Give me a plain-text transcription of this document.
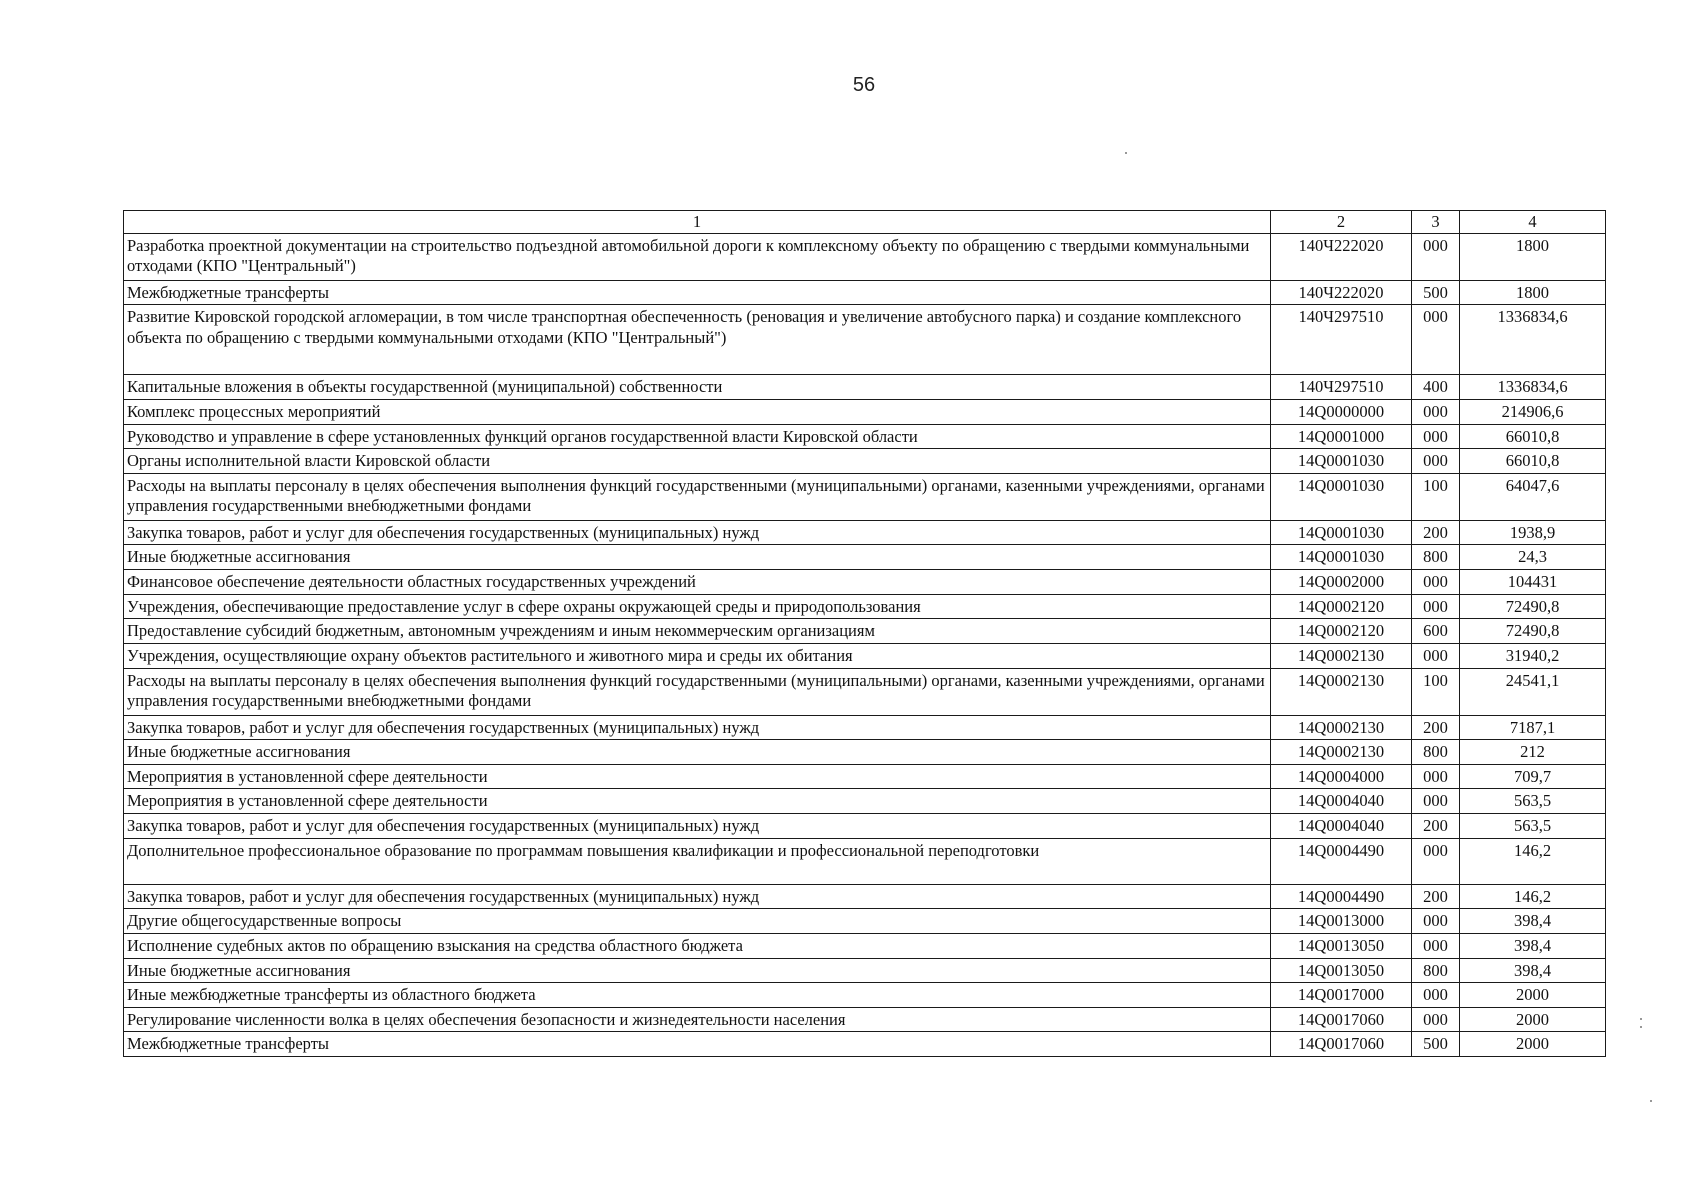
56
1	2	3	4
Разработка проектной документации на строительство подъездной автомобильной дороги к комплексному объекту по обращению с твердыми коммунальными отходами (КПО "Центральный")	140Ч222020	000	1800
Межбюджетные трансферты	140Ч222020	500	1800
Развитие Кировской городской агломерации, в том числе транспортная обеспеченность (реновация и увеличение автобусного парка) и создание комплексного объекта по обращению с твердыми коммунальными отходами (КПО "Центральный")	140Ч297510	000	1336834,6
Капитальные вложения в объекты государственной (муниципальной) собственности	140Ч297510	400	1336834,6
Комплекс процессных мероприятий	14Q0000000	000	214906,6
Руководство и управление в сфере установленных функций органов государственной власти Кировской области	14Q0001000	000	66010,8
Органы исполнительной власти Кировской области	14Q0001030	000	66010,8
Расходы на выплаты персоналу в целях обеспечения выполнения функций государственными (муниципальными) органами, казенными учреждениями, органами управления государственными внебюджетными фондами	14Q0001030	100	64047,6
Закупка товаров, работ и услуг для обеспечения государственных (муниципальных) нужд	14Q0001030	200	1938,9
Иные бюджетные ассигнования	14Q0001030	800	24,3
Финансовое обеспечение деятельности областных государственных учреждений	14Q0002000	000	104431
Учреждения, обеспечивающие предоставление услуг в сфере охраны окружающей среды и природопользования	14Q0002120	000	72490,8
Предоставление субсидий бюджетным, автономным учреждениям и иным некоммерческим организациям	14Q0002120	600	72490,8
Учреждения, осуществляющие охрану объектов растительного и животного мира и среды их обитания	14Q0002130	000	31940,2
Расходы на выплаты персоналу в целях обеспечения выполнения функций государственными (муниципальными) органами, казенными учреждениями, органами управления государственными внебюджетными фондами	14Q0002130	100	24541,1
Закупка товаров, работ и услуг для обеспечения государственных (муниципальных) нужд	14Q0002130	200	7187,1
Иные бюджетные ассигнования	14Q0002130	800	212
Мероприятия в установленной сфере деятельности	14Q0004000	000	709,7
Мероприятия в установленной сфере деятельности	14Q0004040	000	563,5
Закупка товаров, работ и услуг для обеспечения государственных (муниципальных) нужд	14Q0004040	200	563,5
Дополнительное профессиональное образование по программам повышения квалификации и профессиональной переподготовки	14Q0004490	000	146,2
Закупка товаров, работ и услуг для обеспечения государственных (муниципальных) нужд	14Q0004490	200	146,2
Другие общегосударственные вопросы	14Q0013000	000	398,4
Исполнение судебных актов по обращению взыскания на средства областного бюджета	14Q0013050	000	398,4
Иные бюджетные ассигнования	14Q0013050	800	398,4
Иные межбюджетные трансферты из областного бюджета	14Q0017000	000	2000
Регулирование численности волка в целях обеспечения безопасности и жизнедеятельности населения	14Q0017060	000	2000
Межбюджетные трансферты	14Q0017060	500	2000
